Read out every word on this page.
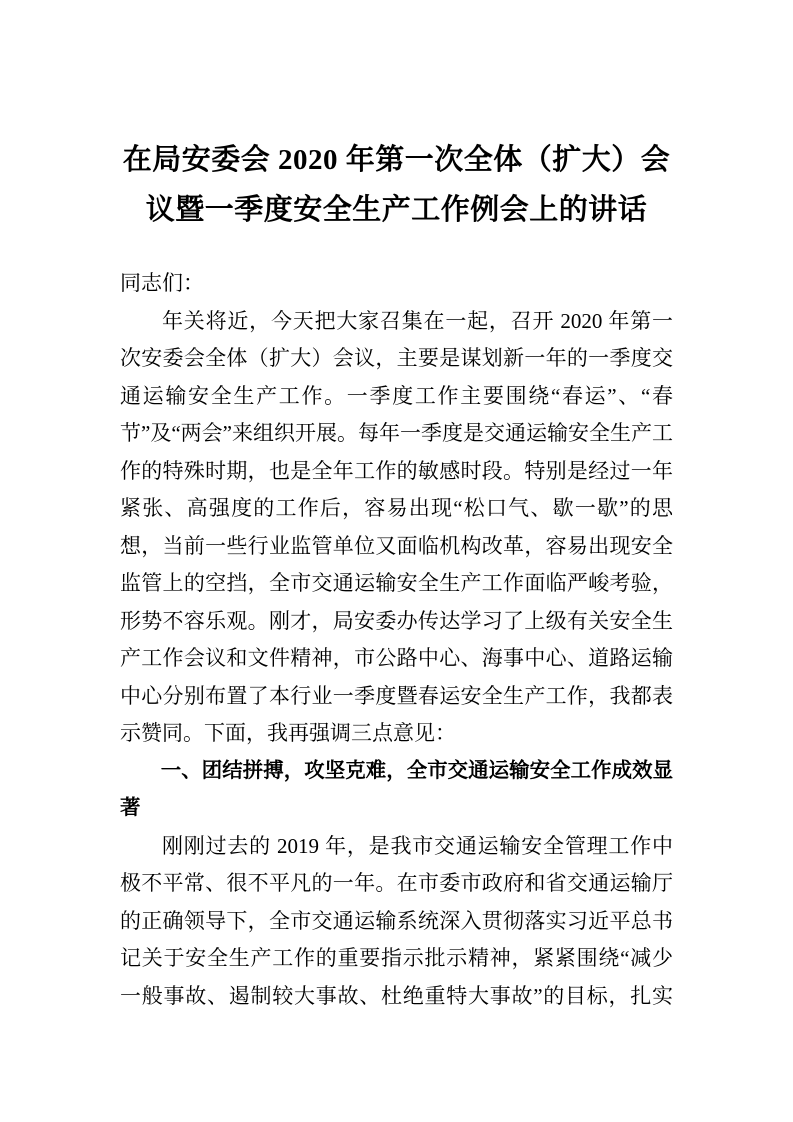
在局安委会 2020 年第一次全体（扩大）会
议暨一季度安全生产工作例会上的讲话

同志们：

年关将近，今天把大家召集在一起，召开 2020 年第一次安委会全体（扩大）会议，主要是谋划新一年的一季度交通运输安全生产工作。一季度工作主要围绕“春运”、“春节”及“两会”来组织开展。每年一季度是交通运输安全生产工作的特殊时期，也是全年工作的敏感时段。特别是经过一年紧张、高强度的工作后，容易出现“松口气、歇一歇”的思想，当前一些行业监管单位又面临机构改革，容易出现安全监管上的空挡，全市交通运输安全生产工作面临严峻考验，形势不容乐观。刚才，局安委办传达学习了上级有关安全生产工作会议和文件精神，市公路中心、海事中心、道路运输中心分别布置了本行业一季度暨春运安全生产工作，我都表示赞同。下面，我再强调三点意见：

一、团结拼搏，攻坚克难，全市交通运输安全工作成效显著

刚刚过去的 2019 年，是我市交通运输安全管理工作中极不平常、很不平凡的一年。在市委市政府和省交通运输厅的正确领导下，全市交通运输系统深入贯彻落实习近平总书记关于安全生产工作的重要指示批示精神，紧紧围绕“减少一般事故、遏制较大事故、杜绝重特大事故”的目标，扎实
